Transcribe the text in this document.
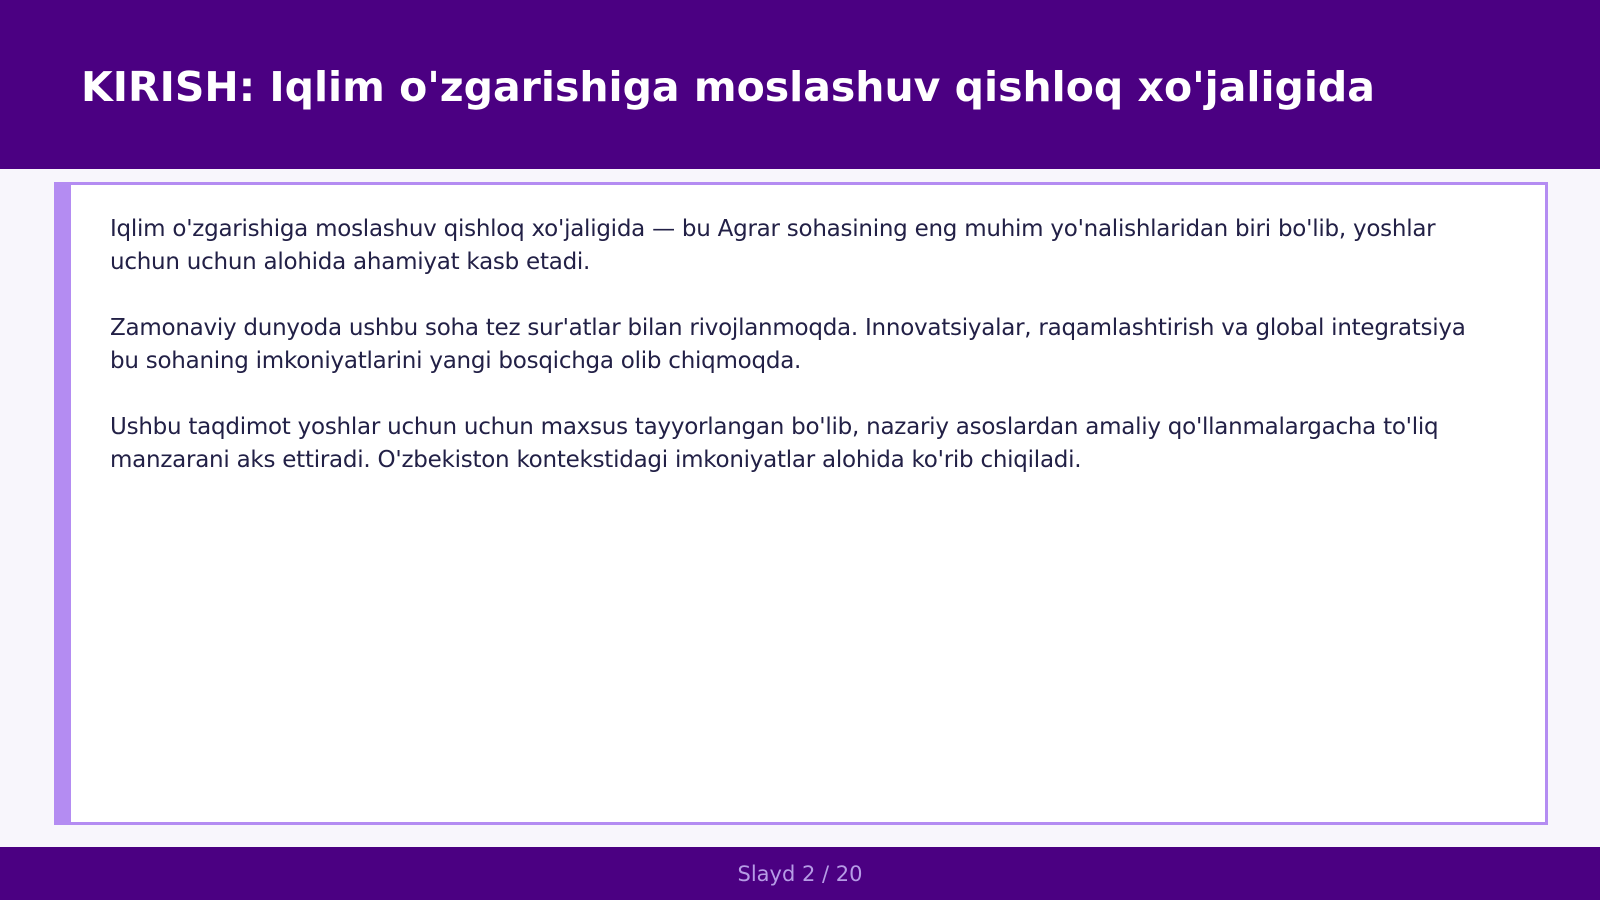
KIRISH: Iqlim o'zgarishiga moslashuv qishloq xo'jaligida

Iqlim o'zgarishiga moslashuv qishloq xo'jaligida — bu Agrar sohasining eng muhim yo'nalishlaridan biri bo'lib, yoshlar uchun uchun alohida ahamiyat kasb etadi.

Zamonaviy dunyoda ushbu soha tez sur'atlar bilan rivojlanmoqda. Innovatsiyalar, raqamlashtirish va global integratsiya bu sohaning imkoniyatlarini yangi bosqichga olib chiqmoqda.

Ushbu taqdimot yoshlar uchun uchun maxsus tayyorlangan bo'lib, nazariy asoslardan amaliy qo'llanmalargacha to'liq manzarani aks ettiradi. O'zbekiston kontekstidagi imkoniyatlar alohida ko'rib chiqiladi.

Slayd 2 / 20
